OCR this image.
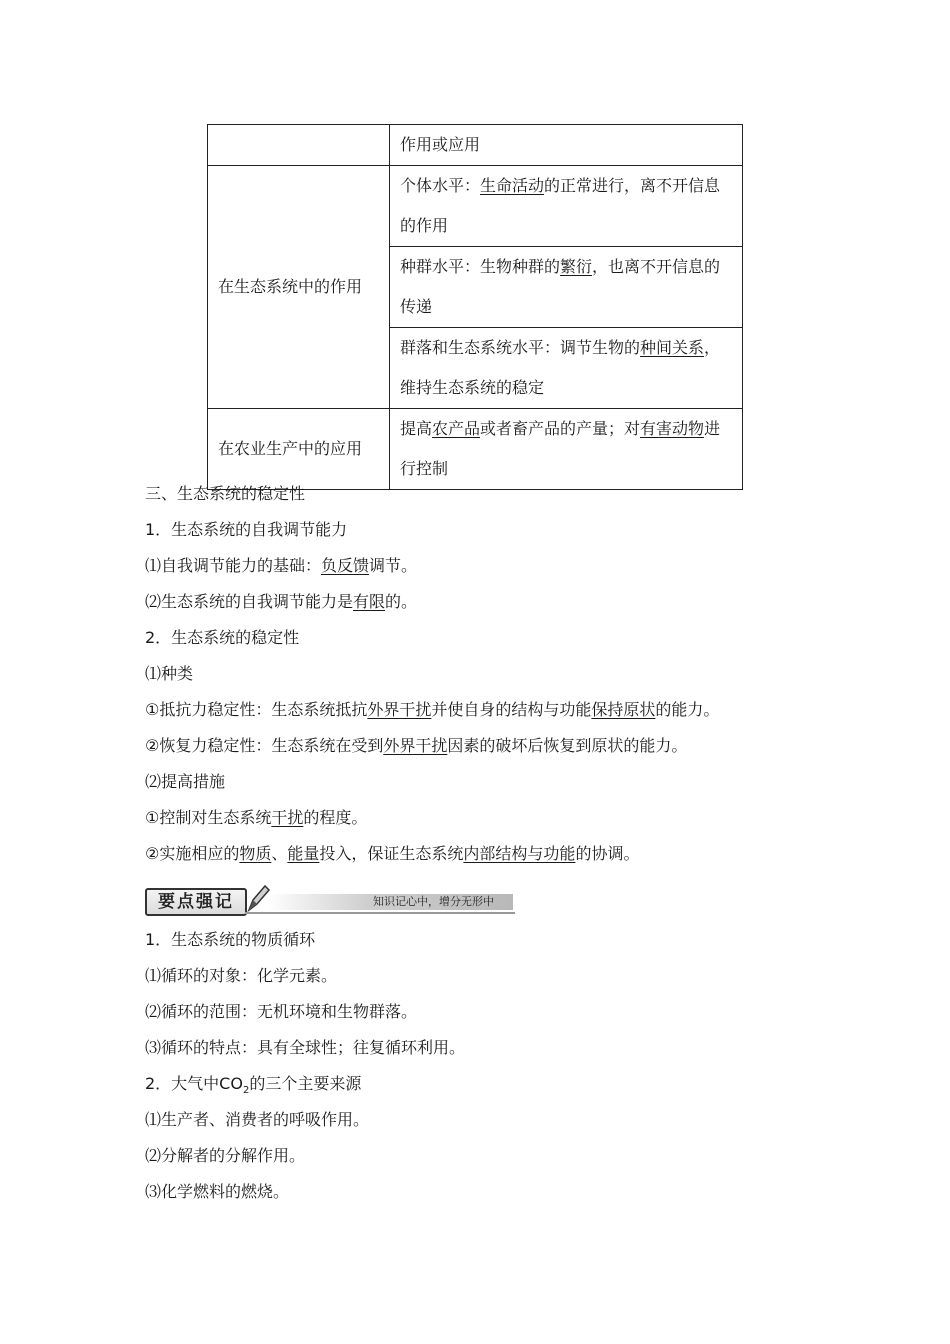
	作用或应用
在生态系统中的作用	个体水平：生命活动的正常进行，离不开信息
的作用
	种群水平：生物种群的繁衍，也离不开信息的
传递
	群落和生态系统水平：调节生物的种间关系，
维持生态系统的稳定
在农业生产中的应用	提高农产品或者畜产品的产量；对有害动物进
行控制
三、生态系统的稳定性
1．生态系统的自我调节能力
⑴自我调节能力的基础：负反馈调节。
⑵生态系统的自我调节能力是有限的。
2．生态系统的稳定性
⑴种类
①抵抗力稳定性：生态系统抵抗外界干扰并使自身的结构与功能保持原状的能力。
②恢复力稳定性：生态系统在受到外界干扰因素的破坏后恢复到原状的能力。
⑵提高措施
①控制对生态系统干扰的程度。
②实施相应的物质、能量投入，保证生态系统内部结构与功能的协调。
要点强记	知识记心中，增分无形中
1．生态系统的物质循环
⑴循环的对象：化学元素。
⑵循环的范围：无机环境和生物群落。
⑶循环的特点：具有全球性；往复循环利用。
2．大气中$CO_2$的三个主要来源
⑴生产者、消费者的呼吸作用。
⑵分解者的分解作用。
⑶化学燃料的燃烧。
